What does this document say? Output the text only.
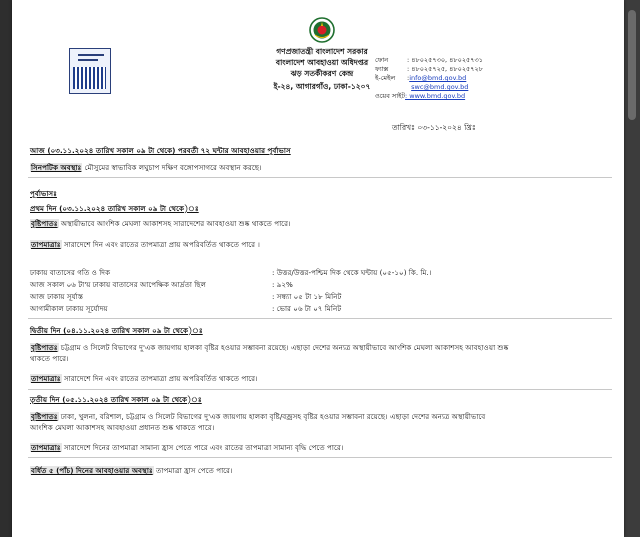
গণপ্রজাতন্ত্রী বাংলাদেশ সরকার
বাংলাদেশ আবহাওয়া অধিদপ্তর
ঝড় সতর্কীকরণ কেন্দ্র
ই-২৪, আগারগাঁও, ঢাকা-১২০৭
ফোন	: ৪৮০২৫৭৩০, ৪৮০২৫৭৩১
ফ্যাক্স	: ৪৮০২৫৭২৫, ৪৮০২৫৭২৮
ই-মেইল :info@bmd.gov.bd
swc@bmd.gov.bd
ওয়েব সাইট: www.bmd.gov.bd
তারিখঃ ০৩-১১-২০২৪ খ্রিঃ
আজ (০৩.১১.২০২৪ তারিখ সকাল ০৯ টা থেকে) পরবর্তী ৭২ ঘন্টার আবহাওয়ার পূর্বাভাস
সিনপটিক অবস্থাঃ মৌসুমের স্বাভাবিক লঘুচাপ দক্ষিণ বঙ্গোপসাগরে অবস্থান করছে।
পূর্বাভাসঃ
প্রথম দিন (০৩.১১.২০২৪ তারিখ সকাল ০৯ টা থেকে)ঃ
বৃষ্টিপাতঃ অস্থায়ীভাবে আংশিক মেঘলা আকাশসহ সারাদেশের আবহাওয়া শুষ্ক থাকতে পারে।
তাপমাত্রাঃ সারাদেশে দিন এবং রাতের তাপমাত্রা প্রায় অপরিবর্তিত থাকতে পারে ।
ঢাকায় বাতাসের গতি ও দিক	: উত্তর/উত্তর-পশ্চিম দিক থেকে ঘন্টায় (০৫-১০) কি. মি.।
আজ সকাল ০৬ টা'য় ঢাকায় বাতাসের আপেক্ষিক আর্দ্রতা ছিল	: ৯২%
আজ ঢাকায় সূর্যাস্ত	: সন্ধ্যা ০৫ টা ১৮ মিনিট
আগামীকাল ঢাকায় সূর্যোদয়	: ভোর ০৬ টা ০৭ মিনিট
দ্বিতীয় দিন (০৪.১১.২০২৪ তারিখ সকাল ০৯ টা থেকে)ঃ
বৃষ্টিপাতঃ চট্টগ্রাম ও সিলেট বিভাগের দু'এক জায়গায় হালকা বৃষ্টির হওয়ার সম্ভাবনা রয়েছে। এছাড়া দেশের অন্যত্র অস্থায়ীভাবে আংশিক মেঘলা আকাশসহ আবহাওয়া শুষ্ক
থাকতে পারে।
তাপমাত্রাঃ সারাদেশে দিন এবং রাতের তাপমাত্রা প্রায় অপরিবর্তিত থাকতে পারে।
তৃতীয় দিন (০৫.১১.২০২৪ তারিখ সকাল ০৯ টা থেকে)ঃ
বৃষ্টিপাতঃ ঢাকা, খুলনা, বরিশাল, চট্টগ্রাম ও সিলেট বিভাগের দু'এক জায়গায় হালকা বৃষ্টি/বজ্রসহ বৃষ্টির হওয়ার সম্ভাবনা রয়েছে। এছাড়া দেশের অন্যত্র অস্থায়ীভাবে
আংশিক মেঘলা আকাশসহ আবহাওয়া প্রধানত শুষ্ক থাকতে পারে।
তাপমাত্রাঃ সারাদেশে দিনের তাপমাত্রা সামান্য হ্রাস পেতে পারে এবং রাতের তাপমাত্রা সামান্য বৃদ্ধি পেতে পারে।
বর্ধিত ৫ (পাঁচ) দিনের আবহাওয়ার অবস্থাঃ তাপমাত্রা হ্রাস পেতে পারে।
